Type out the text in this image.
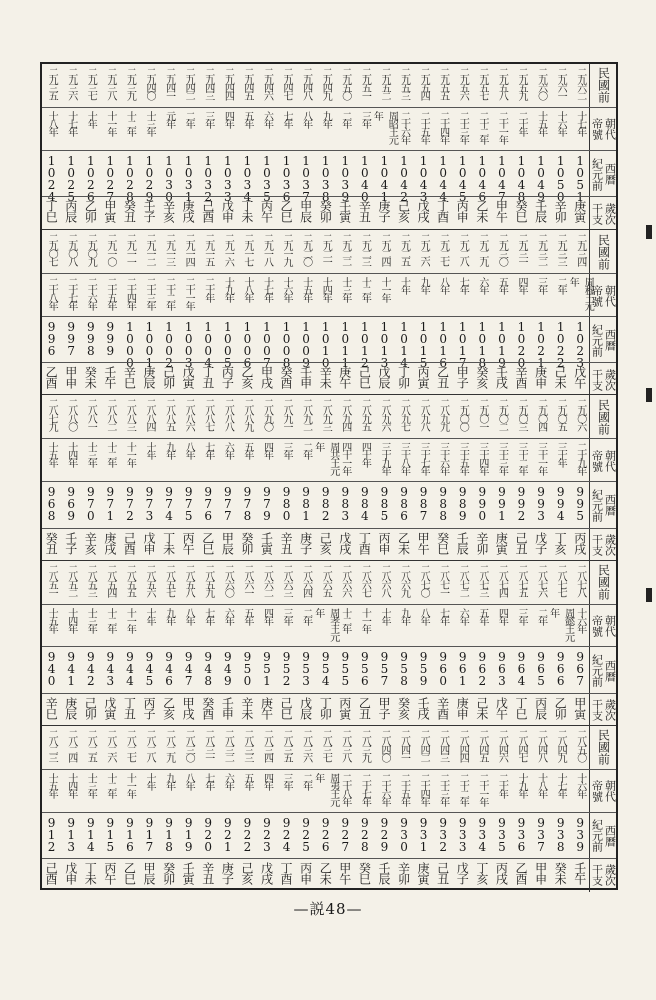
民國前
二九六二
二九六一
二九六〇
二九五九
二九五八
二九五七
二九五六
二九五五
二九五四
二九五三
二九五二
二九五一
二九五〇
二九四九
二九四八
二九四七
二九四六
二九四五
二九四四
二九四三
二九四二
二九四一
二九四〇
二九三九
二九三八
二九三七
二九三六
二九三五
朝代
帝號
十七年
十六年
十五年
二十年
二十一年
二十二年
二十三年
二十四年
二十五年
二十六年
周昭王元年
三年
二年
九年
八年
七年
六年
五年
四年
三年
二年
元年
十三年
十二年
十一年
十年
十七年
十八年
西曆
紀元前
1051
1050
1049
1048
1047
1046
1045
1044
1043
1042
1041
1040
1039
1038
1037
1036
1035
1034
1033
1032
1031
1030
1029
1028
1027
1026
1025
1024
歲次
干支
庚寅
辛卯
壬辰
癸巳
甲午
乙未
丙申
丁酉
戊戌
己亥
庚子
辛丑
壬寅
癸卯
甲辰
乙巳
丙午
丁未
戊申
己酉
庚戌
辛亥
壬子
癸丑
甲寅
乙卯
丙辰
丁巳
民國前
二九三四
二九三三
二九三二
二九三一
二九三〇
二九二九
二九二八
二九二七
二九二六
二九二五
二九二四
二九二三
二九二二
二九二一
二九二〇
二九一九
二九一八
二九一七
二九一六
二九一五
二九一四
二九一三
二九一二
二九一一
二九一〇
二九〇九
二九〇八
二九〇七
朝代
帝號
周穆王元年
二年
三年
四年
五年
六年
七年
八年
九年
十年
十一年
十二年
十三年
十四年
十五年
十六年
十七年
十八年
十九年
二十年
二十一年
二十二年
二十三年
二十四年
二十五年
二十六年
二十七年
二十八年
西曆
紀元前
1023
1022
1021
1020
1019
1018
1017
1016
1015
1014
1013
1012
1011
1010
1009
1008
1007
1006
1005
1004
1003
1002
1001
1000
999
998
997
996
歲次
干支
戊午
己未
庚申
辛酉
壬戌
癸亥
甲子
乙丑
丙寅
丁卯
戊辰
己巳
庚午
辛未
壬申
癸酉
甲戌
乙亥
丙子
丁丑
戊寅
己卯
庚辰
辛巳
壬午
癸未
甲申
乙酉
民國前
二九〇六
二九〇五
二九〇四
二九〇三
二九〇二
二九〇一
二九〇〇
二八九九
二八九八
二八九七
二八九六
二八九五
二八九四
二八九三
二八九二
二八九一
二八九〇
二八八九
二八八八
二八八七
二八八六
二八八五
二八八四
二八八三
二八八二
二八八一
二八八〇
二八七九
朝代
帝號
二十九年
三十年
三十一年
三十二年
三十三年
三十四年
三十五年
三十六年
三十七年
三十八年
三十九年
四十年
四十一年
周共王元年
二年
三年
四年
五年
六年
七年
八年
九年
十年
十一年
十二年
十三年
十四年
十五年
西曆
紀元前
995
994
993
992
991
990
989
988
987
986
985
984
983
982
981
980
979
978
977
976
975
974
973
972
971
970
969
968
歲次
干支
丙戌
丁亥
戊子
己丑
庚寅
辛卯
壬辰
癸巳
甲午
乙未
丙申
丁酉
戊戌
己亥
庚子
辛丑
壬寅
癸卯
甲辰
乙巳
丙午
丁未
戊申
己酉
庚戌
辛亥
壬子
癸丑
民國前
二八七八
二八七七
二八七六
二八七五
二八七四
二八七三
二八七二
二八七一
二八七〇
二八六九
二八六八
二八六七
二八六六
二八六五
二八六四
二八六三
二八六二
二八六一
二八六〇
二八五九
二八五八
二八五七
二八五六
二八五五
二八五四
二八五三
二八五二
二八五一
朝代
帝號
十六年
周懿王元年
二年
三年
四年
五年
六年
七年
八年
九年
十年
十一年
十二年
周孝王元年
二年
三年
四年
五年
六年
七年
八年
九年
十年
十一年
十二年
十三年
十四年
十五年
西曆
紀元前
967
966
965
964
963
962
961
960
959
958
957
956
955
954
953
952
951
950
949
948
947
946
945
944
943
942
941
940
歲次
干支
甲寅
乙卯
丙辰
丁巳
戊午
己未
庚申
辛酉
壬戌
癸亥
甲子
乙丑
丙寅
丁卯
戊辰
己巳
庚午
辛未
壬申
癸酉
甲戌
乙亥
丙子
丁丑
戊寅
己卯
庚辰
辛巳
民國前
二八五〇
二八四九
二八四八
二八四七
二八四六
二八四五
二八四四
二八四三
二八四二
二八四一
二八四〇
二八三九
二八三八
二八三七
二八三六
二八三五
二八三四
二八三三
二八三二
二八三一
二八三〇
二八二九
二八二八
二八二七
二八二六
二八二五
二八二四
二八二三
朝代
帝號
十六年
十七年
十八年
十九年
二十年
二十一年
二十二年
二十三年
二十四年
二十五年
二十六年
二十七年
二十八年
周夷王元年
二年
三年
四年
五年
六年
七年
八年
九年
十年
十一年
十二年
十三年
十四年
十五年
西曆
紀元前
939
938
937
936
935
934
933
932
931
930
929
928
927
926
925
924
923
922
921
920
919
918
917
916
915
914
913
912
歲次
干支
壬午
癸未
甲申
乙酉
丙戌
丁亥
戊子
己丑
庚寅
辛卯
壬辰
癸巳
甲午
乙未
丙申
丁酉
戊戌
己亥
庚子
辛丑
壬寅
癸卯
甲辰
乙巳
丙午
丁未
戊申
己酉
—説48—
